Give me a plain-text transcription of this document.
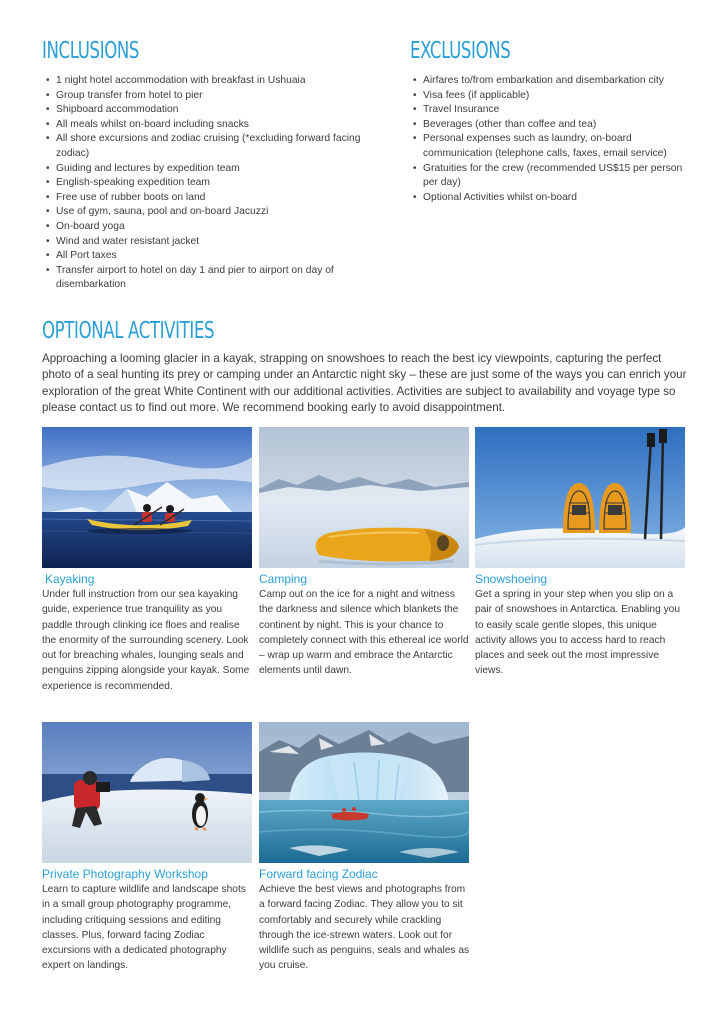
INCLUSIONS
• 1 night hotel accommodation with breakfast in Ushuaia
• Group transfer from hotel to pier
• Shipboard accommodation
• All meals whilst on-board including snacks
• All shore excursions and zodiac cruising (*excluding forward facing zodiac)
• Guiding and lectures by expedition team
• English-speaking expedition team
• Free use of rubber boots on land
• Use of gym, sauna, pool and on-board Jacuzzi
• On-board yoga
• Wind and water resistant jacket
• All Port taxes
• Transfer airport to hotel on day 1 and pier to airport on day of disembarkation
EXCLUSIONS
• Airfares to/from embarkation and disembarkation city
• Visa fees (if applicable)
• Travel Insurance
• Beverages (other than coffee and tea)
• Personal expenses such as laundry, on-board communication (telephone calls, faxes, email service)
• Gratuities for the crew (recommended US$15 per person per day)
• Optional Activities whilst on-board
OPTIONAL ACTIVITIES

Approaching a looming glacier in a kayak, strapping on snowshoes to reach the best icy viewpoints, capturing the perfect photo of a seal hunting its prey or camping under an Antarctic night sky – these are just some of the ways you can enrich your exploration of the great White Continent with our additional activities. Activities are subject to availability and voyage type so please contact us to find out more. We recommend booking early to avoid disappointment.

Kayaking

Under full instruction from our sea kayaking guide, experience true tranquility as you paddle through clinking ice floes and realise the enormity of the surrounding scenery. Look out for breaching whales, lounging seals and penguins zipping alongside your kayak. Some experience is recommended.

Camping

Camp out on the ice for a night and witness the darkness and silence which blankets the continent by night. This is your chance to completely connect with this ethereal ice world – wrap up warm and embrace the Antarctic elements until dawn.

Snowshoeing

Get a spring in your step when you slip on a pair of snowshoes in Antarctica. Enabling you to easily scale gentle slopes, this unique activity allows you to access hard to reach places and seek out the most impressive views.

Private Photography Workshop

Learn to capture wildlife and landscape shots in a small group photography programme, including critiquing sessions and editing classes. Plus, forward facing Zodiac excursions with a dedicated photography expert on landings.

Forward facing Zodiac

Achieve the best views and photographs from a forward facing Zodiac. They allow you to sit comfortably and securely while crackling through the ice-strewn waters. Look out for wildlife such as penguins, seals and whales as you cruise.
